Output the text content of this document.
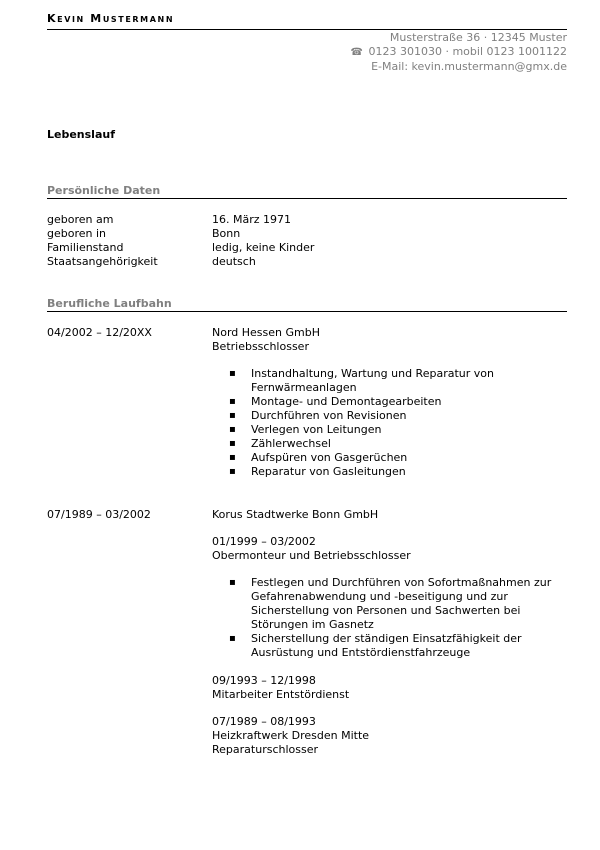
Kevin Mustermann
Musterstraße 36 · 12345 Muster
☎ 0123 301030 · mobil 0123 1001122
E-Mail: kevin.mustermann@gmx.de
Lebenslauf
Persönliche Daten
geboren am	16. März 1971
geboren in	Bonn
Familienstand	ledig, keine Kinder
Staatsangehörigkeit	deutsch
Berufliche Laufbahn
04/2002 – 12/20XX	Nord Hessen GmbH
Betriebsschlosser
▪ Instandhaltung, Wartung und Reparatur von Fernwärmeanlagen
▪ Montage- und Demontagearbeiten
▪ Durchführen von Revisionen
▪ Verlegen von Leitungen
▪ Zählerwechsel
▪ Aufspüren von Gasgerüchen
▪ Reparatur von Gasleitungen
07/1989 – 03/2002	Korus Stadtwerke Bonn GmbH
01/1999 – 03/2002
Obermonteur und Betriebsschlosser
▪ Festlegen und Durchführen von Sofortmaßnahmen zur Gefahrenabwendung und -beseitigung und zur Sicherstellung von Personen und Sachwerten bei Störungen im Gasnetz
▪ Sicherstellung der ständigen Einsatzfähigkeit der Ausrüstung und Entstördienstfahrzeuge
09/1993 – 12/1998
Mitarbeiter Entstördienst
07/1989 – 08/1993
Heizkraftwerk Dresden Mitte
Reparaturschlosser
